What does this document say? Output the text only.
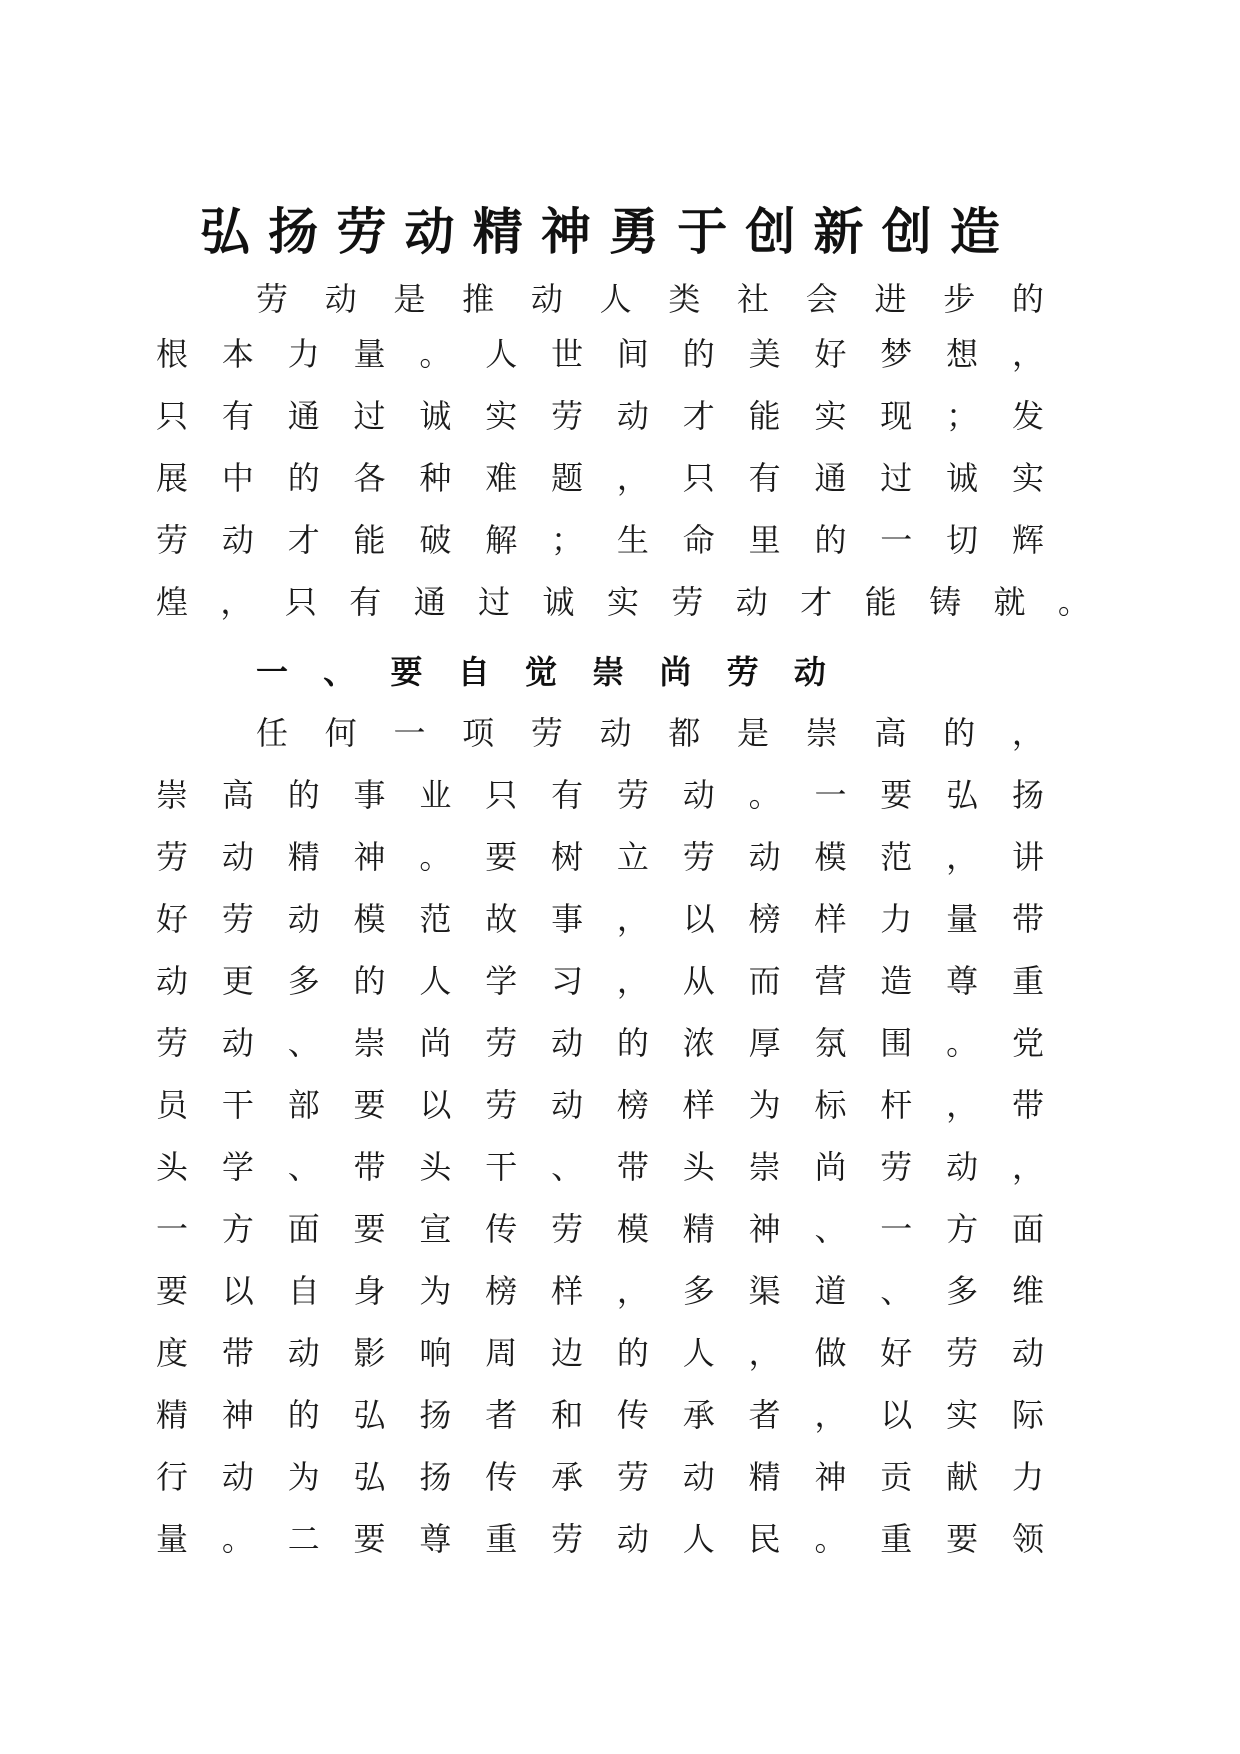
弘 扬 劳 动 精 神 勇 于 创 新 创 造
劳 动 是 推 动 人 类 社 会 进 步 的
根 本 力 量 。 人 世 间 的 美 好 梦 想 ，
只 有 通 过 诚 实 劳 动 才 能 实 现 ； 发
展 中 的 各 种 难 题 ， 只 有 通 过 诚 实
劳 动 才 能 破 解 ； 生 命 里 的 一 切 辉
煌 ， 只 有 通 过 诚 实 劳 动 才 能 铸 就 。
一 、 要 自 觉 崇 尚 劳 动
任 何 一 项 劳 动 都 是 崇 高 的 ，
崇 高 的 事 业 只 有 劳 动 。 一 要 弘 扬
劳 动 精 神 。 要 树 立 劳 动 模 范 ， 讲
好 劳 动 模 范 故 事 ， 以 榜 样 力 量 带
动 更 多 的 人 学 习 ， 从 而 营 造 尊 重
劳 动 、 崇 尚 劳 动 的 浓 厚 氛 围 。 党
员 干 部 要 以 劳 动 榜 样 为 标 杆 ， 带
头 学 、 带 头 干 、 带 头 崇 尚 劳 动 ，
一 方 面 要 宣 传 劳 模 精 神 、 一 方 面
要 以 自 身 为 榜 样 ， 多 渠 道 、 多 维
度 带 动 影 响 周 边 的 人 ， 做 好 劳 动
精 神 的 弘 扬 者 和 传 承 者 ， 以 实 际
行 动 为 弘 扬 传 承 劳 动 精 神 贡 献 力
量 。 二 要 尊 重 劳 动 人 民 。 重 要 领
